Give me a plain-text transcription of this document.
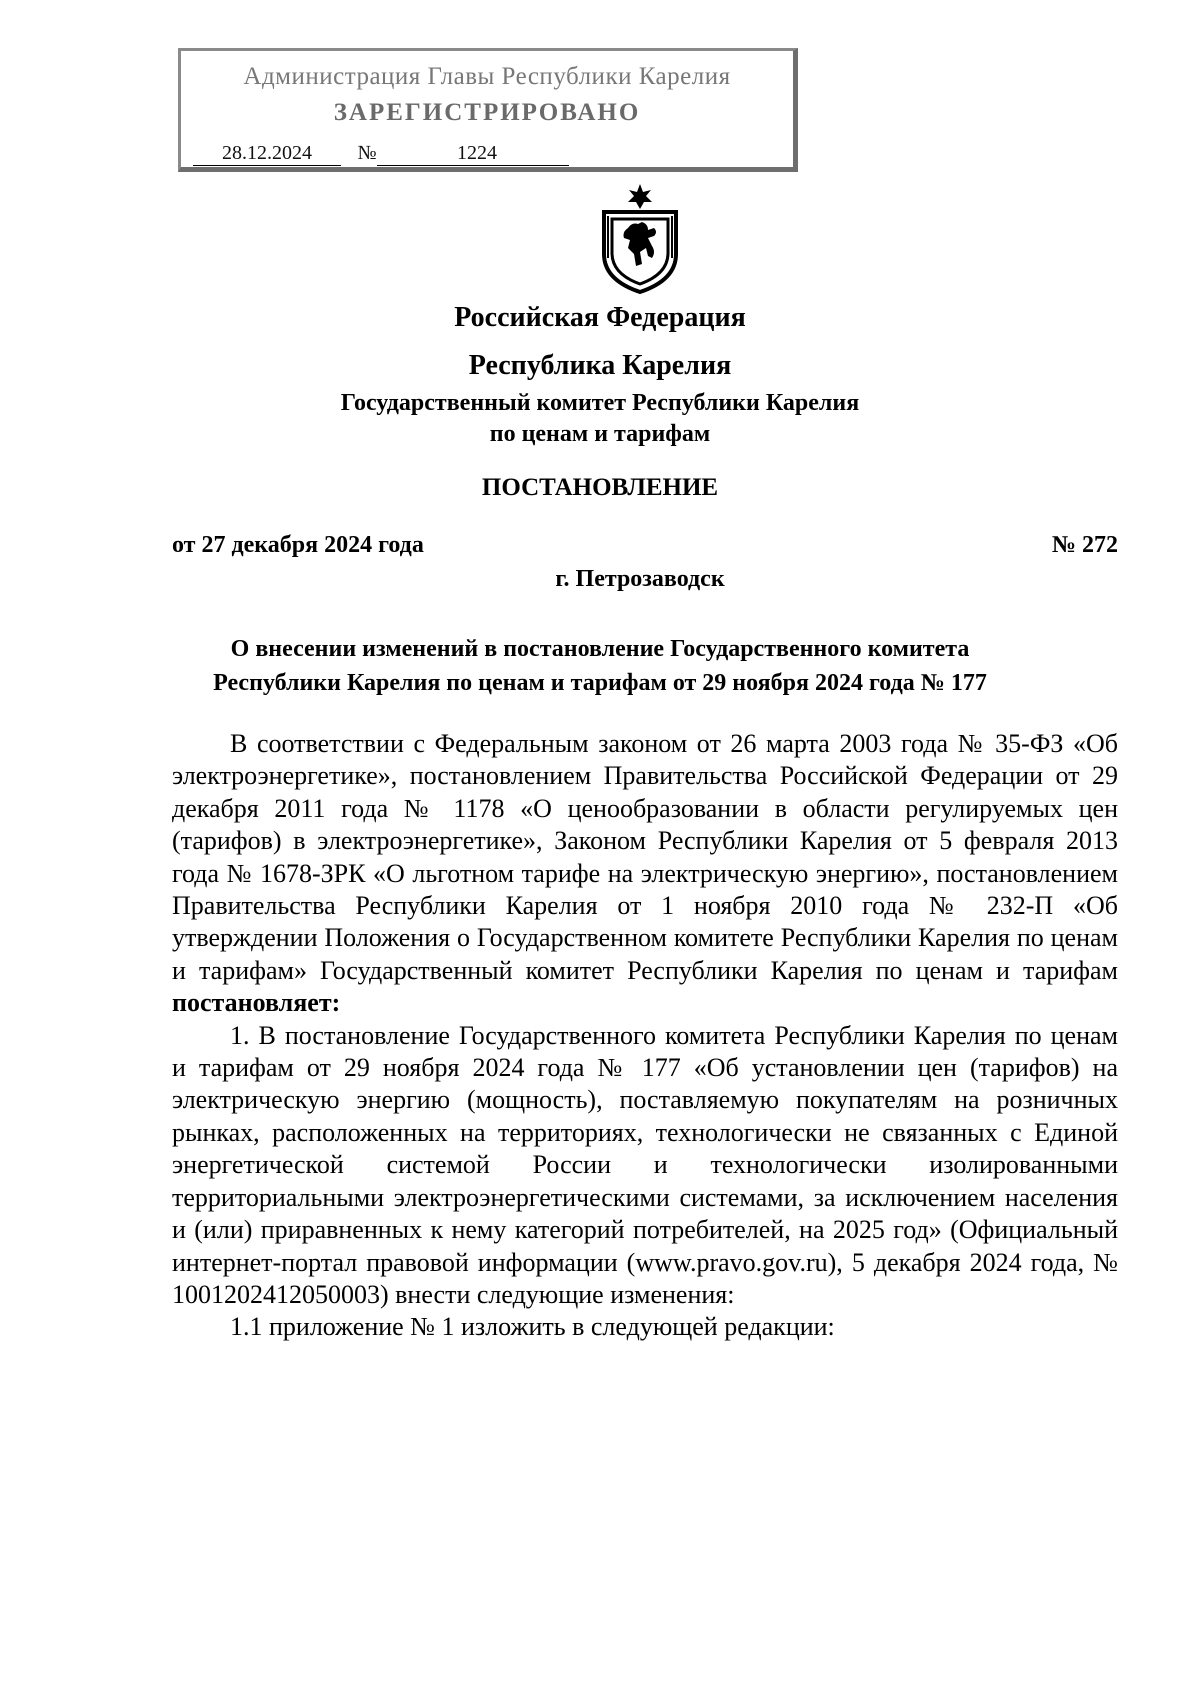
Администрация Главы Республики Карелия
ЗАРЕГИСТРИРОВАНО
28.12.2024	№	1224
Российская Федерация
Республика Карелия
Государственный комитет Республики Карелия
по ценам и тарифам
ПОСТАНОВЛЕНИЕ
от 27 декабря 2024 года	№ 272
г. Петрозаводск
О внесении изменений в постановление Государственного комитета
Республики Карелия по ценам и тарифам от 29 ноября 2024 года № 177

В соответствии с Федеральным законом от 26 марта 2003 года № 35-ФЗ «Об электроэнергетике», постановлением Правительства Российской Федерации от 29 декабря 2011 года № 1178 «О ценообразовании в области регулируемых цен (тарифов) в электроэнергетике», Законом Республики Карелия от 5 февраля 2013 года № 1678-ЗРК «О льготном тарифе на электрическую энергию», постановлением Правительства Республики Карелия от 1 ноября 2010 года № 232-П «Об утверждении Положения о Государственном комитете Республики Карелия по ценам и тарифам» Государственный комитет Республики Карелия по ценам и тарифам постановляет:

1. В постановление Государственного комитета Республики Карелия по ценам и тарифам от 29 ноября 2024 года № 177 «Об установлении цен (тарифов) на электрическую энергию (мощность), поставляемую покупателям на розничных рынках, расположенных на территориях, технологически не связанных с Единой энергетической системой России и технологически изолированными территориальными электроэнергетическими системами, за исключением населения и (или) приравненных к нему категорий потребителей, на 2025 год» (Официальный интернет-портал правовой информации (www.pravo.gov.ru), 5 декабря 2024 года, № 1001202412050003) внести следующие изменения:

1.1 приложение № 1 изложить в следующей редакции:
